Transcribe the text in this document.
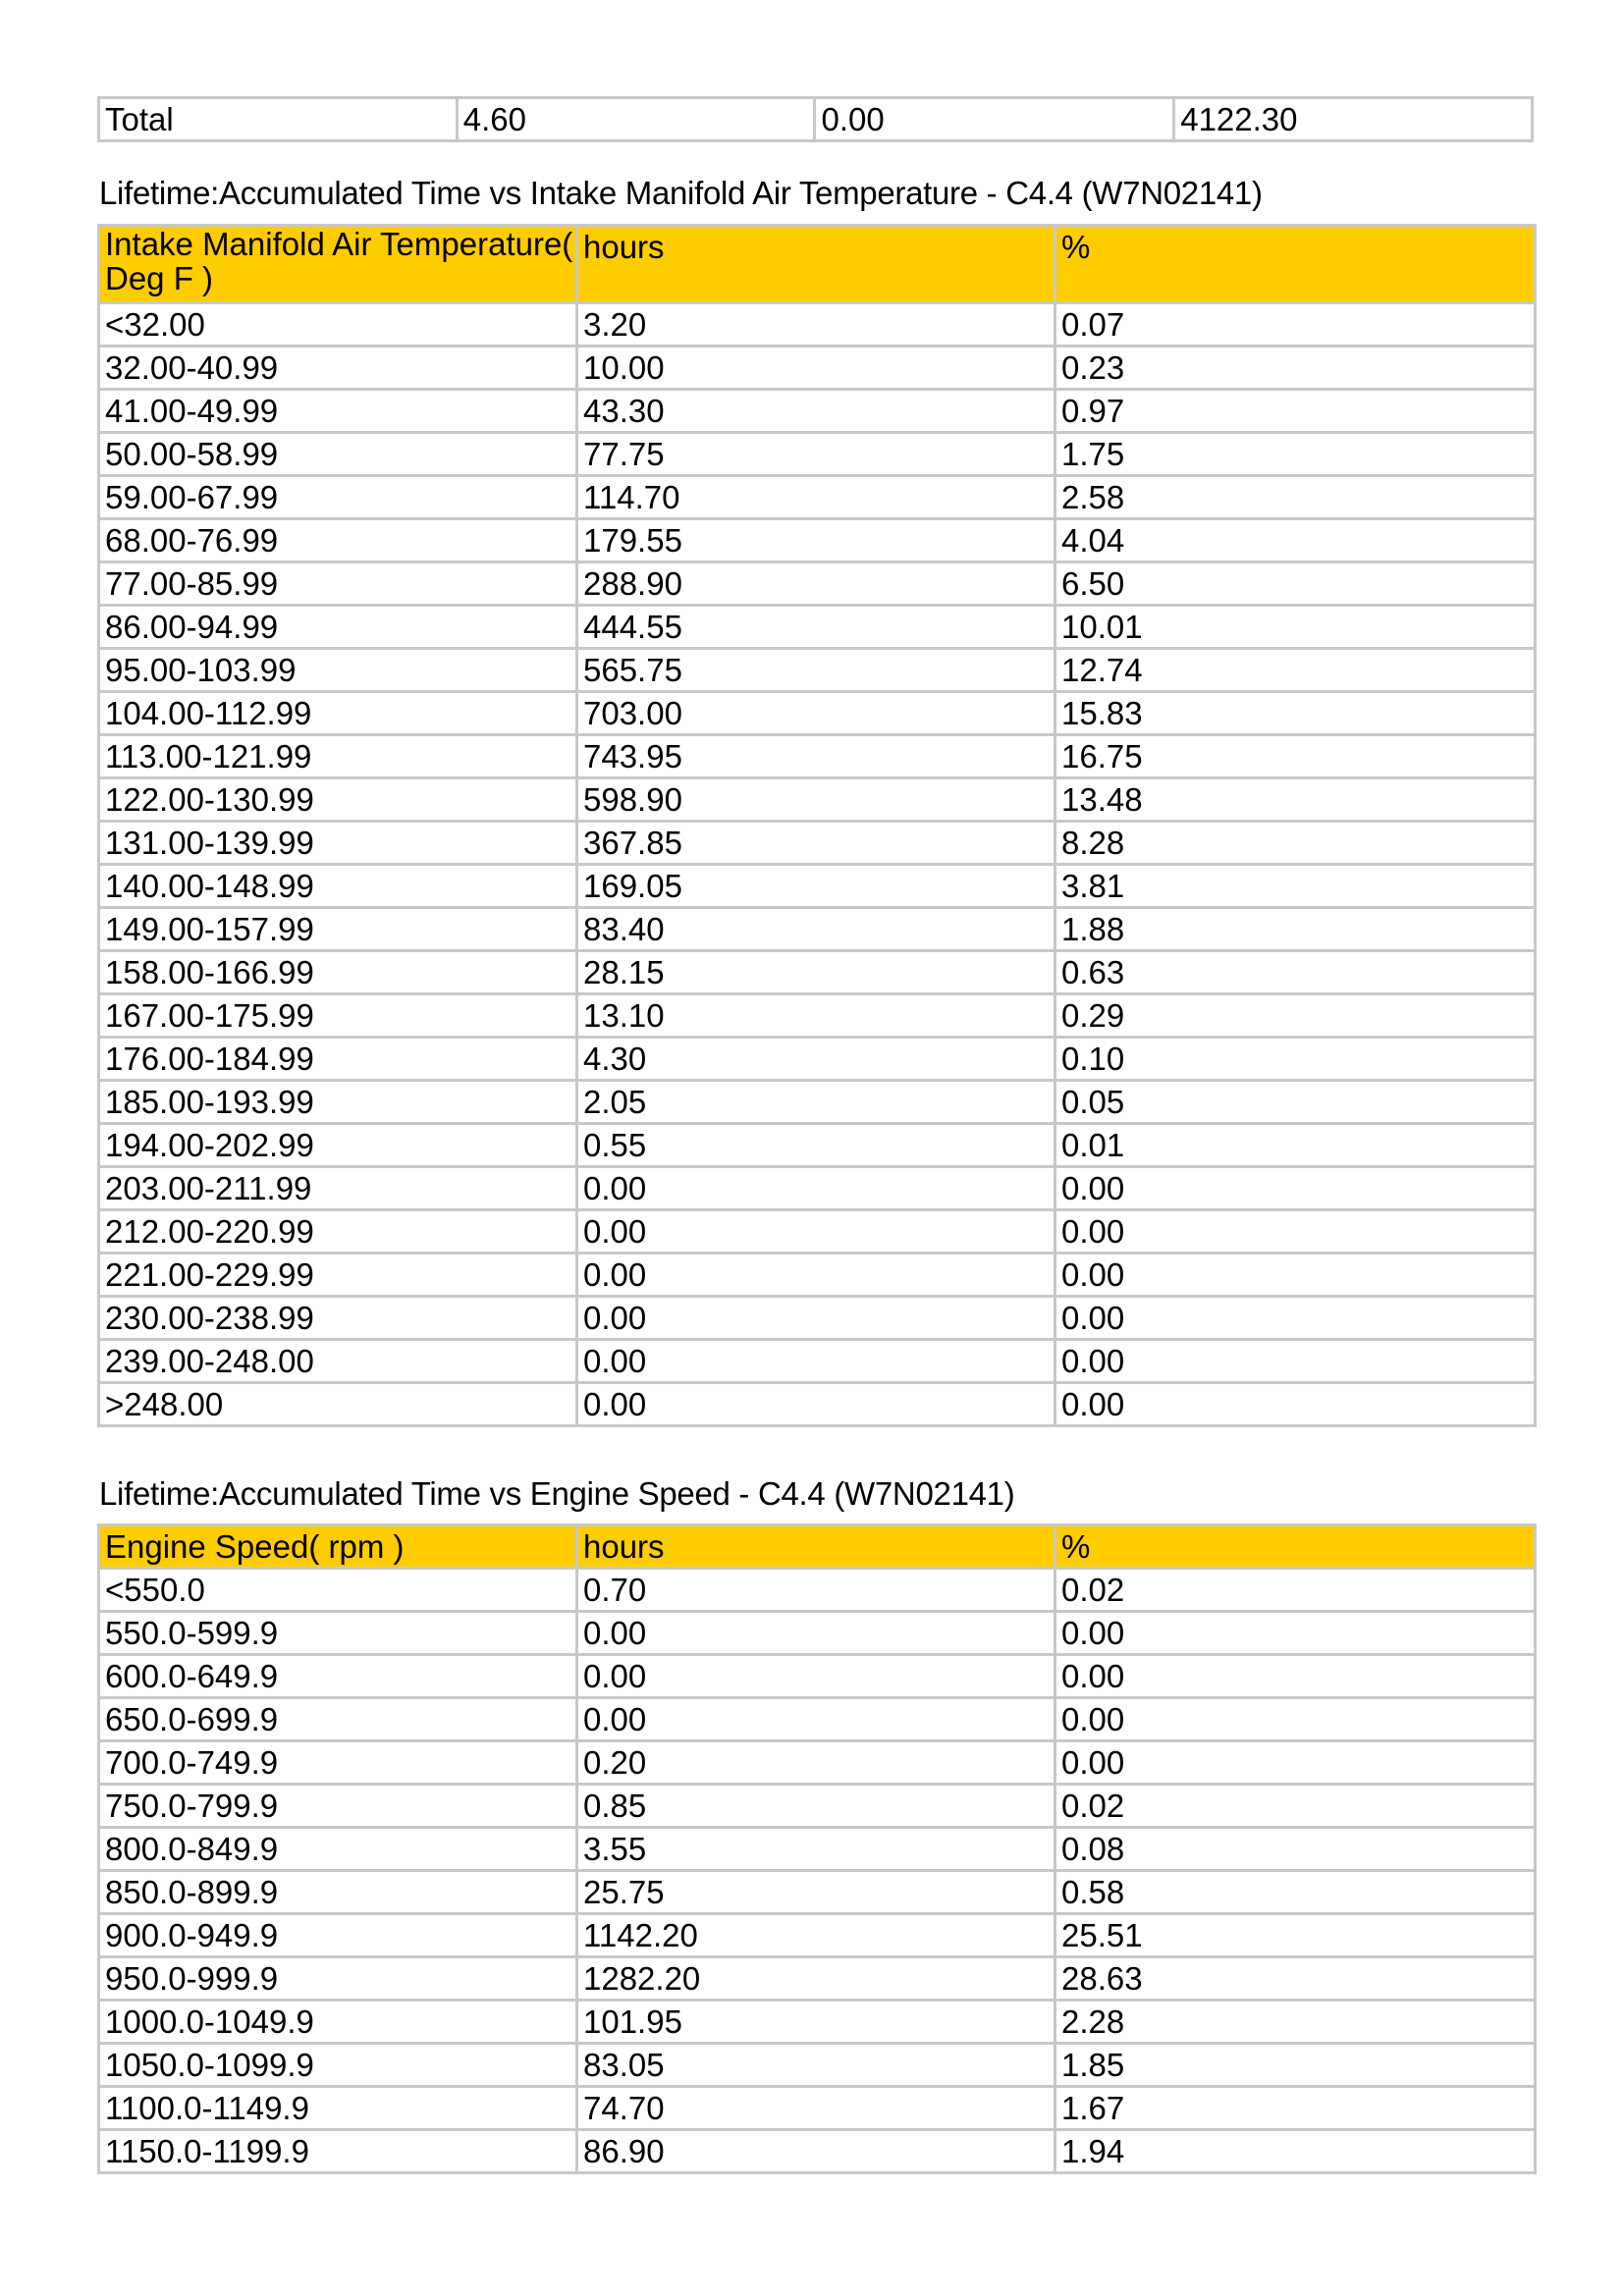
Total	4.60	0.00	4122.30
Lifetime:Accumulated Time vs Intake Manifold Air Temperature - C4.4 (W7N02141)
Intake Manifold Air Temperature( Deg F )	hours	%
<32.00	3.20	0.07
32.00-40.99	10.00	0.23
41.00-49.99	43.30	0.97
50.00-58.99	77.75	1.75
59.00-67.99	114.70	2.58
68.00-76.99	179.55	4.04
77.00-85.99	288.90	6.50
86.00-94.99	444.55	10.01
95.00-103.99	565.75	12.74
104.00-112.99	703.00	15.83
113.00-121.99	743.95	16.75
122.00-130.99	598.90	13.48
131.00-139.99	367.85	8.28
140.00-148.99	169.05	3.81
149.00-157.99	83.40	1.88
158.00-166.99	28.15	0.63
167.00-175.99	13.10	0.29
176.00-184.99	4.30	0.10
185.00-193.99	2.05	0.05
194.00-202.99	0.55	0.01
203.00-211.99	0.00	0.00
212.00-220.99	0.00	0.00
221.00-229.99	0.00	0.00
230.00-238.99	0.00	0.00
239.00-248.00	0.00	0.00
>248.00	0.00	0.00
Lifetime:Accumulated Time vs Engine Speed - C4.4 (W7N02141)
Engine Speed( rpm )	hours	%
<550.0	0.70	0.02
550.0-599.9	0.00	0.00
600.0-649.9	0.00	0.00
650.0-699.9	0.00	0.00
700.0-749.9	0.20	0.00
750.0-799.9	0.85	0.02
800.0-849.9	3.55	0.08
850.0-899.9	25.75	0.58
900.0-949.9	1142.20	25.51
950.0-999.9	1282.20	28.63
1000.0-1049.9	101.95	2.28
1050.0-1099.9	83.05	1.85
1100.0-1149.9	74.70	1.67
1150.0-1199.9	86.90	1.94
